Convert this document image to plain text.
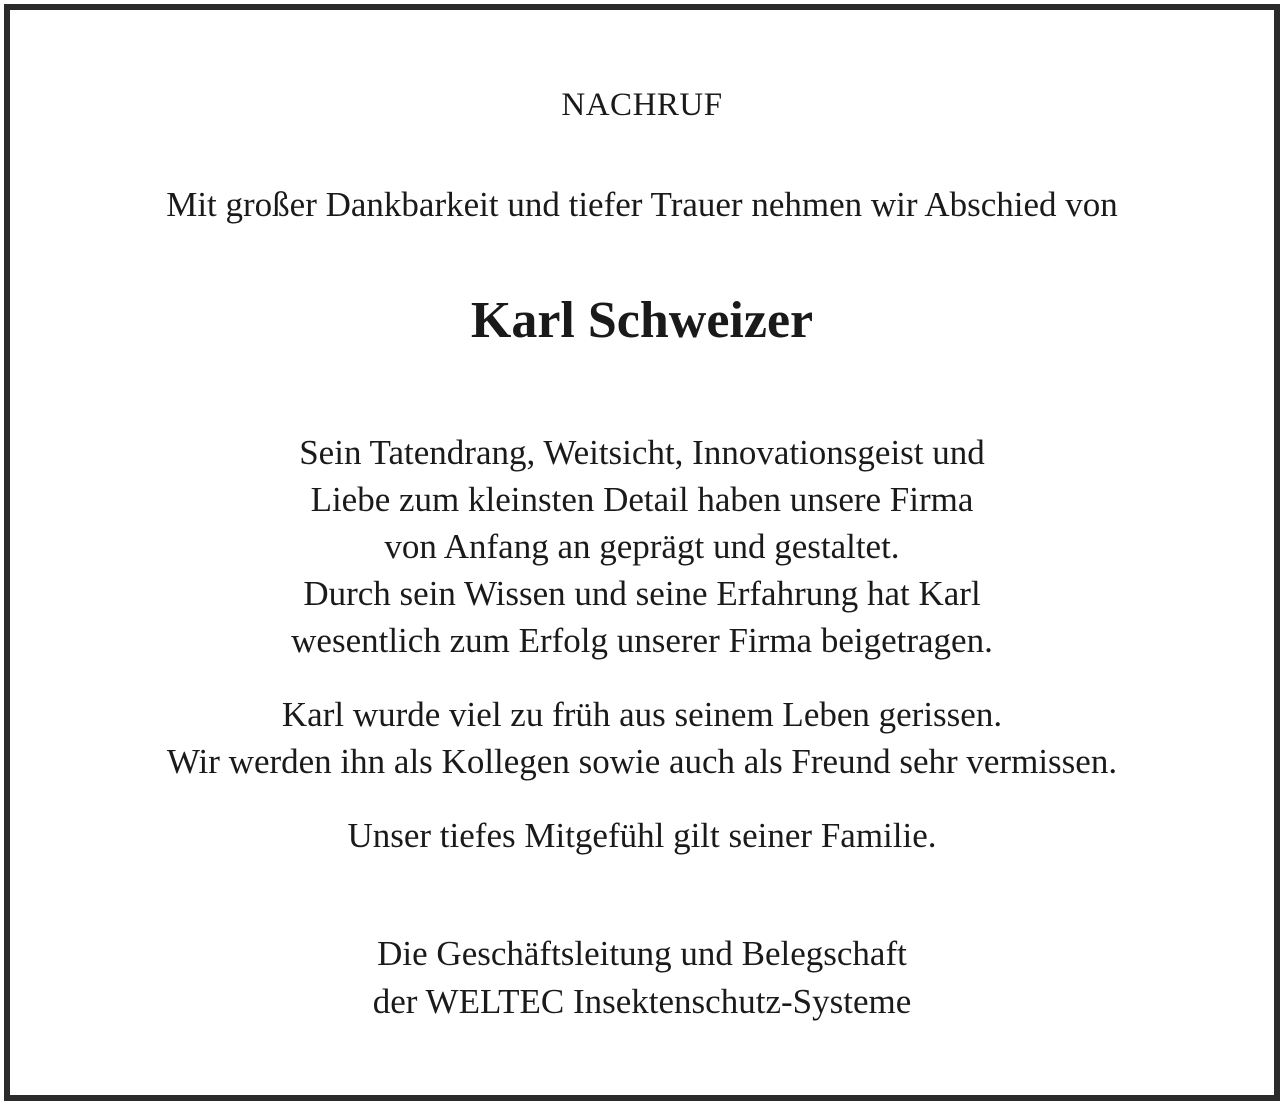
NACHRUF
Mit großer Dankbarkeit und tiefer Trauer nehmen wir Abschied von
Karl Schweizer
Sein Tatendrang, Weitsicht, Innovationsgeist und
Liebe zum kleinsten Detail haben unsere Firma
von Anfang an geprägt und gestaltet.
Durch sein Wissen und seine Erfahrung hat Karl
wesentlich zum Erfolg unserer Firma beigetragen.
Karl wurde viel zu früh aus seinem Leben gerissen.
Wir werden ihn als Kollegen sowie auch als Freund sehr vermissen.
Unser tiefes Mitgefühl gilt seiner Familie.
Die Geschäftsleitung und Belegschaft
der WELTEC Insektenschutz-Systeme
